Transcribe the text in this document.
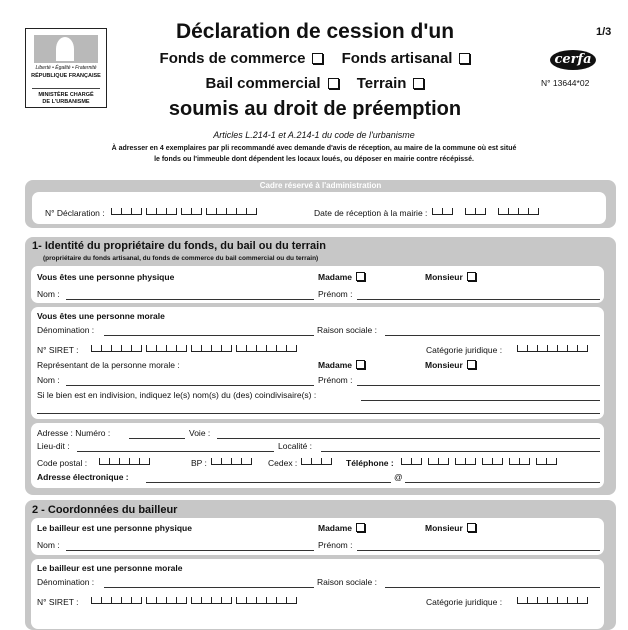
Liberté • Égalité • Fraternité
RÉPUBLIQUE FRANÇAISE
MINISTÈRE CHARGÉ
DE L'URBANISME
Déclaration de cession d'un
Fonds de commerce Fonds artisanal
Bail commercial Terrain
soumis au droit de préemption
1/3
cerfa
N° 13644*02
Articles L.214-1 et A.214-1 du code de l'urbanisme
À adresser en 4 exemplaires par pli recommandé avec demande d'avis de réception, au maire de la commune où est situé
le fonds ou l'immeuble dont dépendent les locaux loués, ou déposer en mairie contre récépissé.
Cadre réservé à l'administration
N° Déclaration :	Date de réception à la mairie :
1- Identité du propriétaire du fonds, du bail ou du terrain
(propriétaire du fonds artisanal, du fonds de commerce du bail commercial ou du terrain)
Vous êtes une personne physique	Madame	Monsieur
Nom :	Prénom :
Vous êtes une personne morale
Dénomination :	Raison sociale :
N° SIRET :	Catégorie juridique :
Représentant de la personne morale :	Madame	Monsieur
Nom :	Prénom :
Si le bien est en indivision, indiquez le(s) nom(s) du (des) coindivisaire(s) :
Adresse : Numéro :	Voie :
Lieu-dit :	Localité :
Code postal :	BP :	Cedex :	Téléphone :
Adresse électronique :	@
2 - Coordonnées du bailleur
Le bailleur est une personne physique	Madame	Monsieur
Nom :	Prénom :
Le bailleur est une personne morale
Dénomination :	Raison sociale :
N° SIRET :	Catégorie juridique :
